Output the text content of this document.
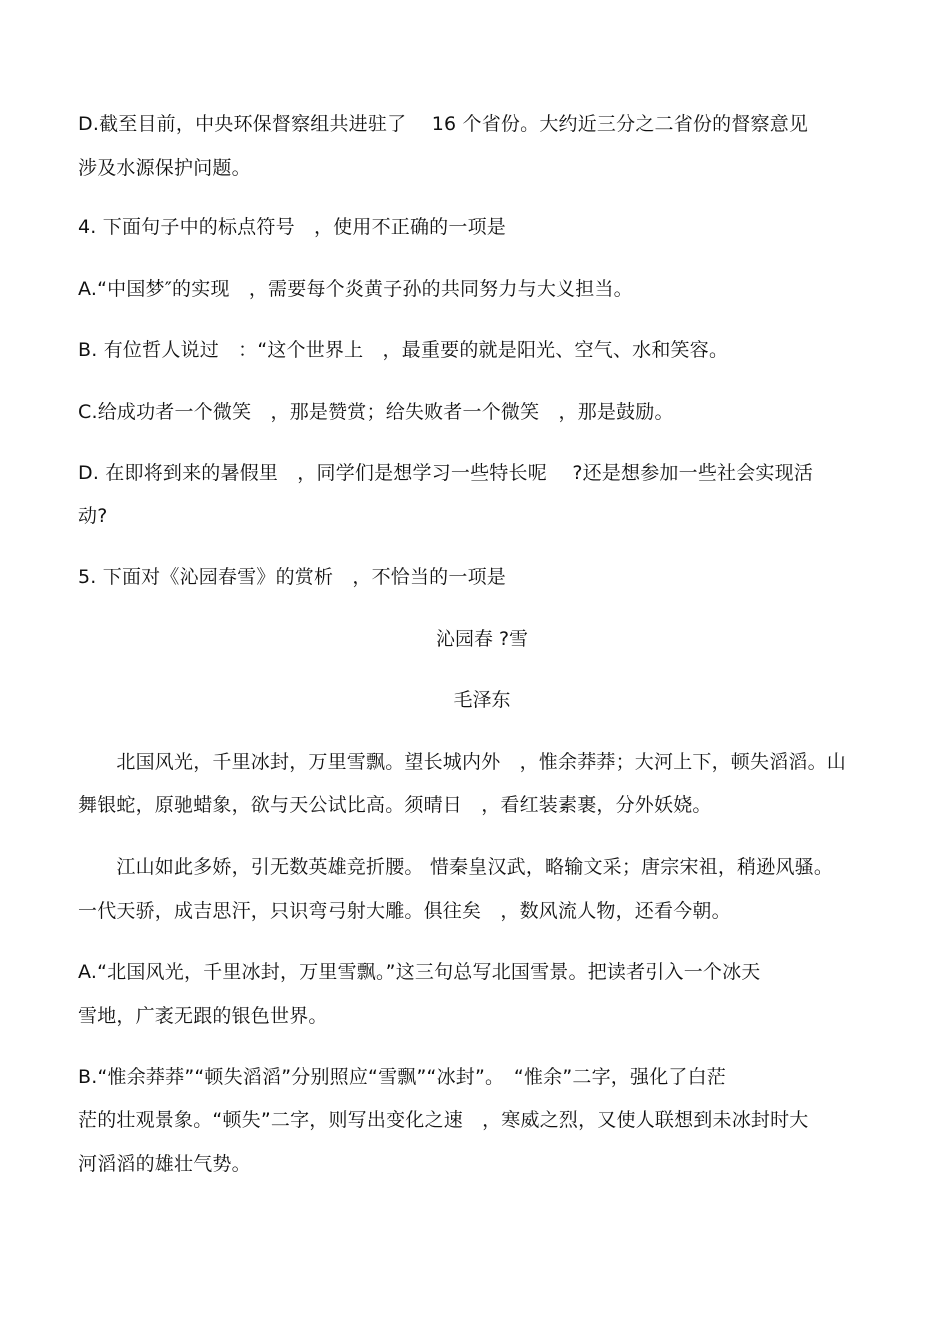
D.截至目前，中央环保督察组共进驻了　 16 个省份。大约近三分之二省份的督察意见
涉及水源保护问题。
4. 下面句子中的标点符号　，使用不正确的一项是
A.“中国梦″的实现　，需要每个炎黄子孙的共同努力与大义担当。
B. 有位哲人说过　：“这个世界上　，最重要的就是阳光、空气、水和笑容。
C.给成功者一个微笑　，那是赞赏；给失败者一个微笑　，那是鼓励。
D. 在即将到来的暑假里　，同学们是想学习一些特长呢　 ?还是想参加一些社会实现活
动?
5. 下面对《沁园春雪》的赏析　，不恰当的一项是
沁园春 ?雪
毛泽东
　　北国风光，千里冰封，万里雪飘。望长城内外　，惟余莽莽；大河上下，顿失滔滔。山
舞银蛇，原驰蜡象，欲与天公试比高。须晴日　，看红装素裹，分外妖娆。
　　江山如此多娇，引无数英雄竞折腰。 惜秦皇汉武，略输文采；唐宗宋祖，稍逊风骚。
一代天骄，成吉思汗，只识弯弓射大雕。俱往矣　，数风流人物，还看今朝。
A.“北国风光，千里冰封，万里雪飘。”这三句总写北国雪景。把读者引入一个冰天
雪地，广袤无跟的银色世界。
B.“惟余莽莽”“顿失滔滔”分别照应“雪飘”“冰封”。　“惟余”二字，强化了白茫
茫的壮观景象。“顿失”二字，则写出变化之速　，寒威之烈，又使人联想到未冰封时大
河滔滔的雄壮气势。
